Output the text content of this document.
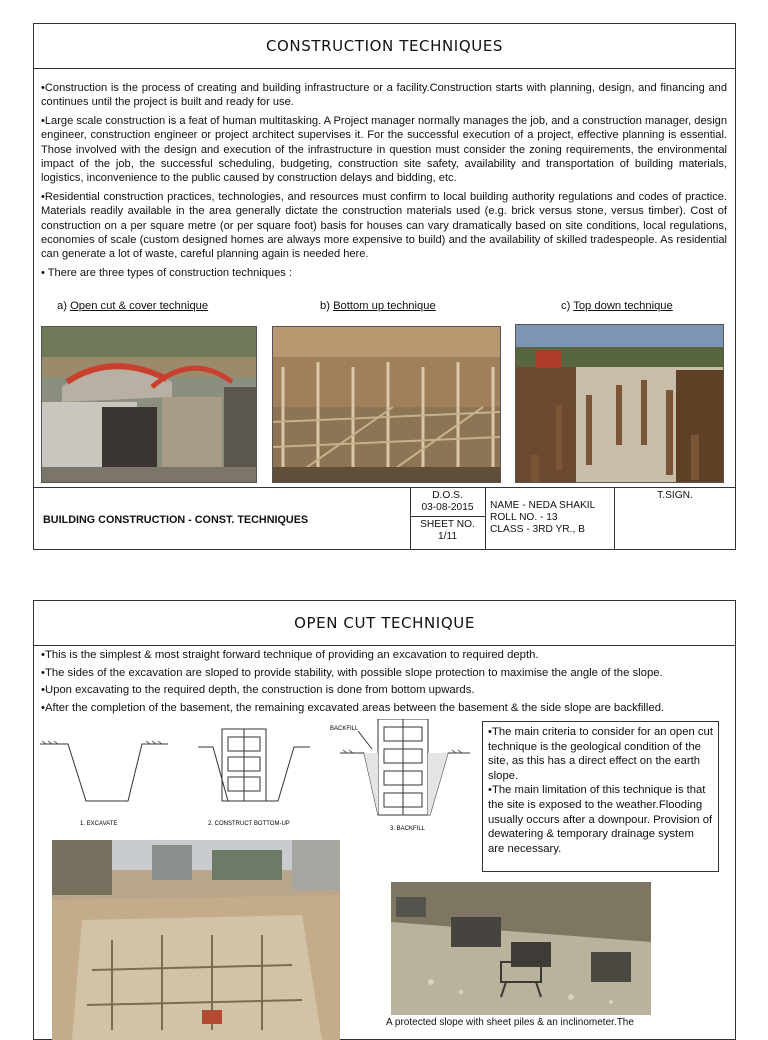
CONSTRUCTION TECHNIQUES

•Construction is the process of creating and building infrastructure or a facility.Construction starts with planning, design, and financing and continues until the project is built and ready for use.

•Large scale construction is a feat of human multitasking. A Project manager normally manages the job, and a construction manager, design engineer, construction engineer or project architect supervises it. For the successful execution of a project, effective planning is essential. Those involved with the design and execution of the infrastructure in question must consider the zoning requirements, the environmental impact of the job, the successful scheduling, budgeting, construction site safety, availability and transportation of building materials, logistics, inconvenience to the public caused by construction delays and bidding, etc.

•Residential construction practices, technologies, and resources must confirm to local building authority regulations and codes of practice. Materials readily available in the area generally dictate the construction materials used (e.g. brick versus stone, versus timber). Cost of construction on a per square metre (or per square foot) basis for houses can vary dramatically based on site conditions, local regulations, economies of scale (custom designed homes are always more expensive to build) and the availability of skilled tradespeople. As residential can generate a lot of waste, careful planning again is needed here.

• There are three types of construction techniques :

a) Open cut & cover technique	b) Bottom up technique	c) Top down technique
BUILDING CONSTRUCTION - CONST. TECHNIQUES
D.O.S.
03-08-2015
SHEET NO.
1/11
NAME - NEDA SHAKIL
ROLL NO. - 13
CLASS - 3RD YR., B
T.SIGN.
OPEN CUT TECHNIQUE

•This is the simplest & most straight forward technique of providing an excavation to required depth.

•The sides of the excavation are sloped to provide stability, with possible slope protection to maximise the angle of the slope.

•Upon excavating to the required depth, the construction is done from bottom upwards.

•After the completion of the basement, the remaining excavated areas between the basement & the side slope are backfilled.

1. EXCAVATE	2. CONSTRUCT BOTTOM-UP
3. BACKFILL
BACKFILL	•The main criteria to consider for an open cut technique is the geological condition of the site, as this has a direct effect on the earth slope.

•The main limitation of this technique is that the site is exposed to the weather.Flooding usually occurs after a downpour. Provision of dewatering & temporary drainage system are necessary.

A protected slope with sheet piles & an inclinometer.The
